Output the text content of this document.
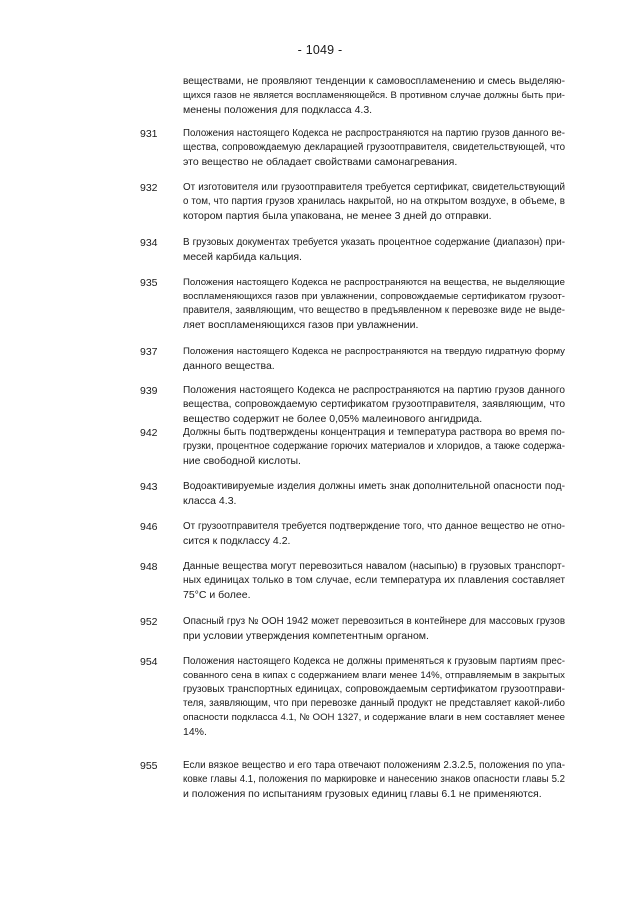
- 1049 -

веществами, не проявляют тенденции к самовоспламенению и смесь выделяю-
щихся газов не является воспламеняющейся. В противном случае должны быть при-
менены положения для подкласса 4.3.

931	Положения настоящего Кодекса не распространяются на партию грузов данного ве-
щества, сопровождаемую декларацией грузоотправителя, свидетельствующей, что
это вещество не обладает свойствами самонагревания.

932	От изготовителя или грузоотправителя требуется сертификат, свидетельствующий
о том, что партия грузов хранилась накрытой, но на открытом воздухе, в объеме, в
котором партия была упакована, не менее 3 дней до отправки.

934	В грузовых документах требуется указать процентное содержание (диапазон) при-
месей карбида кальция.

935	Положения настоящего Кодекса не распространяются на вещества, не выделяющие
воспламеняющихся газов при увлажнении, сопровождаемые сертификатом грузоот-
правителя, заявляющим, что вещество в предъявленном к перевозке виде не выде-
ляет воспламеняющихся газов при увлажнении.

937	Положения настоящего Кодекса не распространяются на твердую гидратную форму
данного вещества.

939	Положения настоящего Кодекса не распространяются на партию грузов данного
вещества, сопровождаемую сертификатом грузоотправителя, заявляющим, что
вещество содержит не более 0,05% малеинового ангидрида.

942	Должны быть подтверждены концентрация и температура раствора во время по-
грузки, процентное содержание горючих материалов и хлоридов, а также содержа-
ние свободной кислоты.

943	Водоактивируемые изделия должны иметь знак дополнительной опасности под-
класса 4.3.

946	От грузоотправителя требуется подтверждение того, что данное вещество не отно-
сится к подклассу 4.2.

948	Данные вещества могут перевозиться навалом (насыпью) в грузовых транспорт-
ных единицах только в том случае, если температура их плавления составляет
75°C и более.

952	Опасный груз № ООН 1942 может перевозиться в контейнере для массовых грузов
при условии утверждения компетентным органом.

954	Положения настоящего Кодекса не должны применяться к грузовым партиям прес-
сованного сена в кипах с содержанием влаги менее 14%, отправляемым в закрытых
грузовых транспортных единицах, сопровождаемым сертификатом грузоотправи-
теля, заявляющим, что при перевозке данный продукт не представляет какой-либо
опасности подкласса 4.1, № ООН 1327, и содержание влаги в нем составляет менее
14%.

955	Если вязкое вещество и его тара отвечают положениям 2.3.2.5, положения по упа-
ковке главы 4.1, положения по маркировке и нанесению знаков опасности главы 5.2
и положения по испытаниям грузовых единиц главы 6.1 не применяются.
